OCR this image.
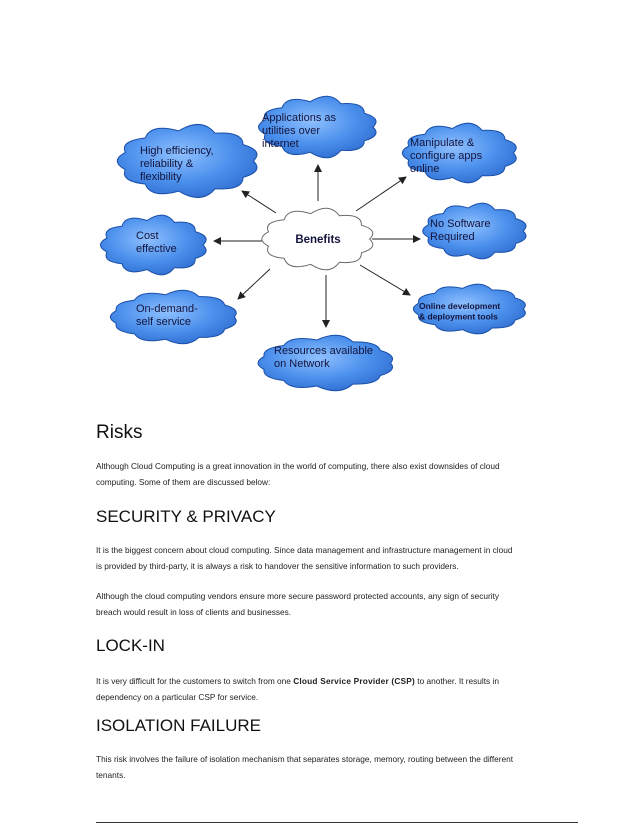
Applications as
utilities over
internet	Manipulate &
configure apps
online
No Software
Required
Online development
& deployment tools
Resources available
on Network
On-demand-
self service
Cost
effective
High efficiency,
reliability &
flexibility
Benefits
Risks

Although Cloud Computing is a great innovation in the world of computing, there also exist downsides of cloud
computing. Some of them are discussed below:

SECURITY & PRIVACY

It is the biggest concern about cloud computing. Since data management and infrastructure management in cloud
is provided by third-party, it is always a risk to handover the sensitive information to such providers.

Although the cloud computing vendors ensure more secure password protected accounts, any sign of security
breach would result in loss of clients and businesses.

LOCK-IN

It is very difficult for the customers to switch from one Cloud Service Provider (CSP) to another. It results in
dependency on a particular CSP for service.

ISOLATION FAILURE

This risk involves the failure of isolation mechanism that separates storage, memory, routing between the different
tenants.
